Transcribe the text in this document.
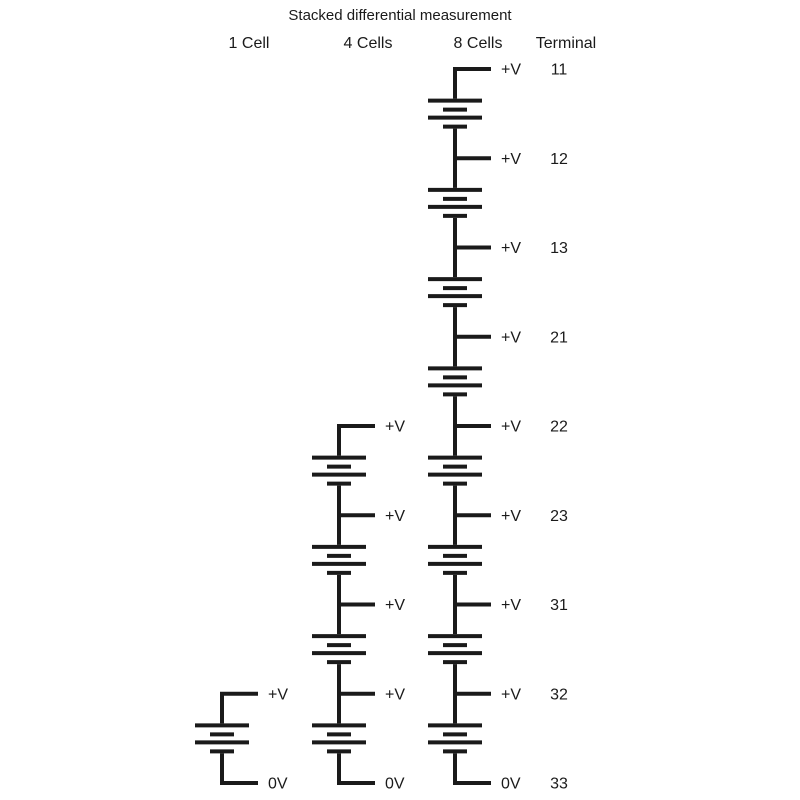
Stacked differential measurement
1 Cell	4 Cells	8 Cells Terminal
+V
0V
+V
+V
+V
+V
0V
+V
+V
+V
+V
+V
+V
+V
+V
0V
11
12
13
21
22
23
31
32
33
